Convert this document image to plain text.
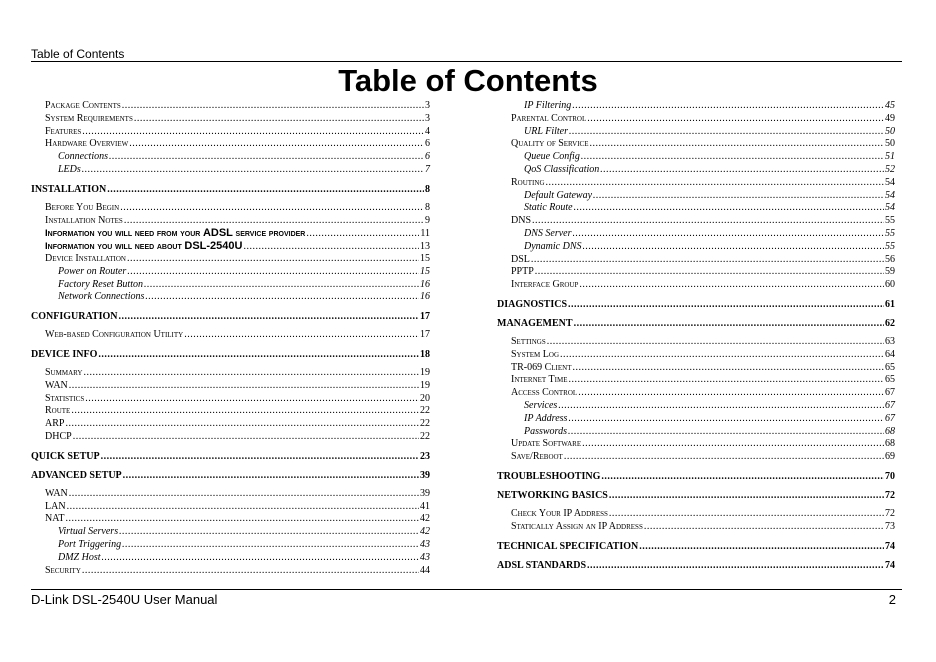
Table of Contents
Table of Contents
Package Contents .....	3
System Requirements .....	3
Features .....	4
Hardware Overview .....	6
Connections .....	6
LEDs .....	7
INSTALLATION .....	8
Before You Begin .....	8
Installation Notes .....	9
Information you will need from your ADSL service provider .....	11
Information you will need about DSL-2540U .....	13
Device Installation .....	15
Power on Router .....	15
Factory Reset Button .....	16
Network Connections .....	16
CONFIGURATION .....	17
Web-based Configuration Utility .....	17
DEVICE INFO .....	18
Summary .....	19
WAN .....	19
Statistics .....	20
Route .....	22
ARP .....	22
DHCP .....	22
QUICK SETUP .....	23
ADVANCED SETUP .....	39
WAN .....	39
LAN .....	41
NAT .....	42
Virtual Servers .....	42
Port Triggering .....	43
DMZ Host .....	43
Security .....	44
IP Filtering .....	45
Parental Control .....	49
URL Filter .....	50
Quality of Service .....	50
Queue Config .....	51
QoS Classification .....	52
Routing .....	54
Default Gateway .....	54
Static Route .....	54
DNS .....	55
DNS Server .....	55
Dynamic DNS .....	55
DSL .....	56
PPTP .....	59
Interface Group .....	60
DIAGNOSTICS .....	61
MANAGEMENT .....	62
Settings .....	63
System Log .....	64
TR-069 Client .....	65
Internet Time .....	65
Access Control .....	67
Services .....	67
IP Address .....	67
Passwords .....	68
Update Software .....	68
Save/Reboot .....	69
TROUBLESHOOTING .....	70
NETWORKING BASICS .....	72
Check Your IP Address .....	72
Statically Assign an IP Address .....	73
TECHNICAL SPECIFICATION .....	74
ADSL STANDARDS .....	74
D-Link DSL-2540U User Manual	2
